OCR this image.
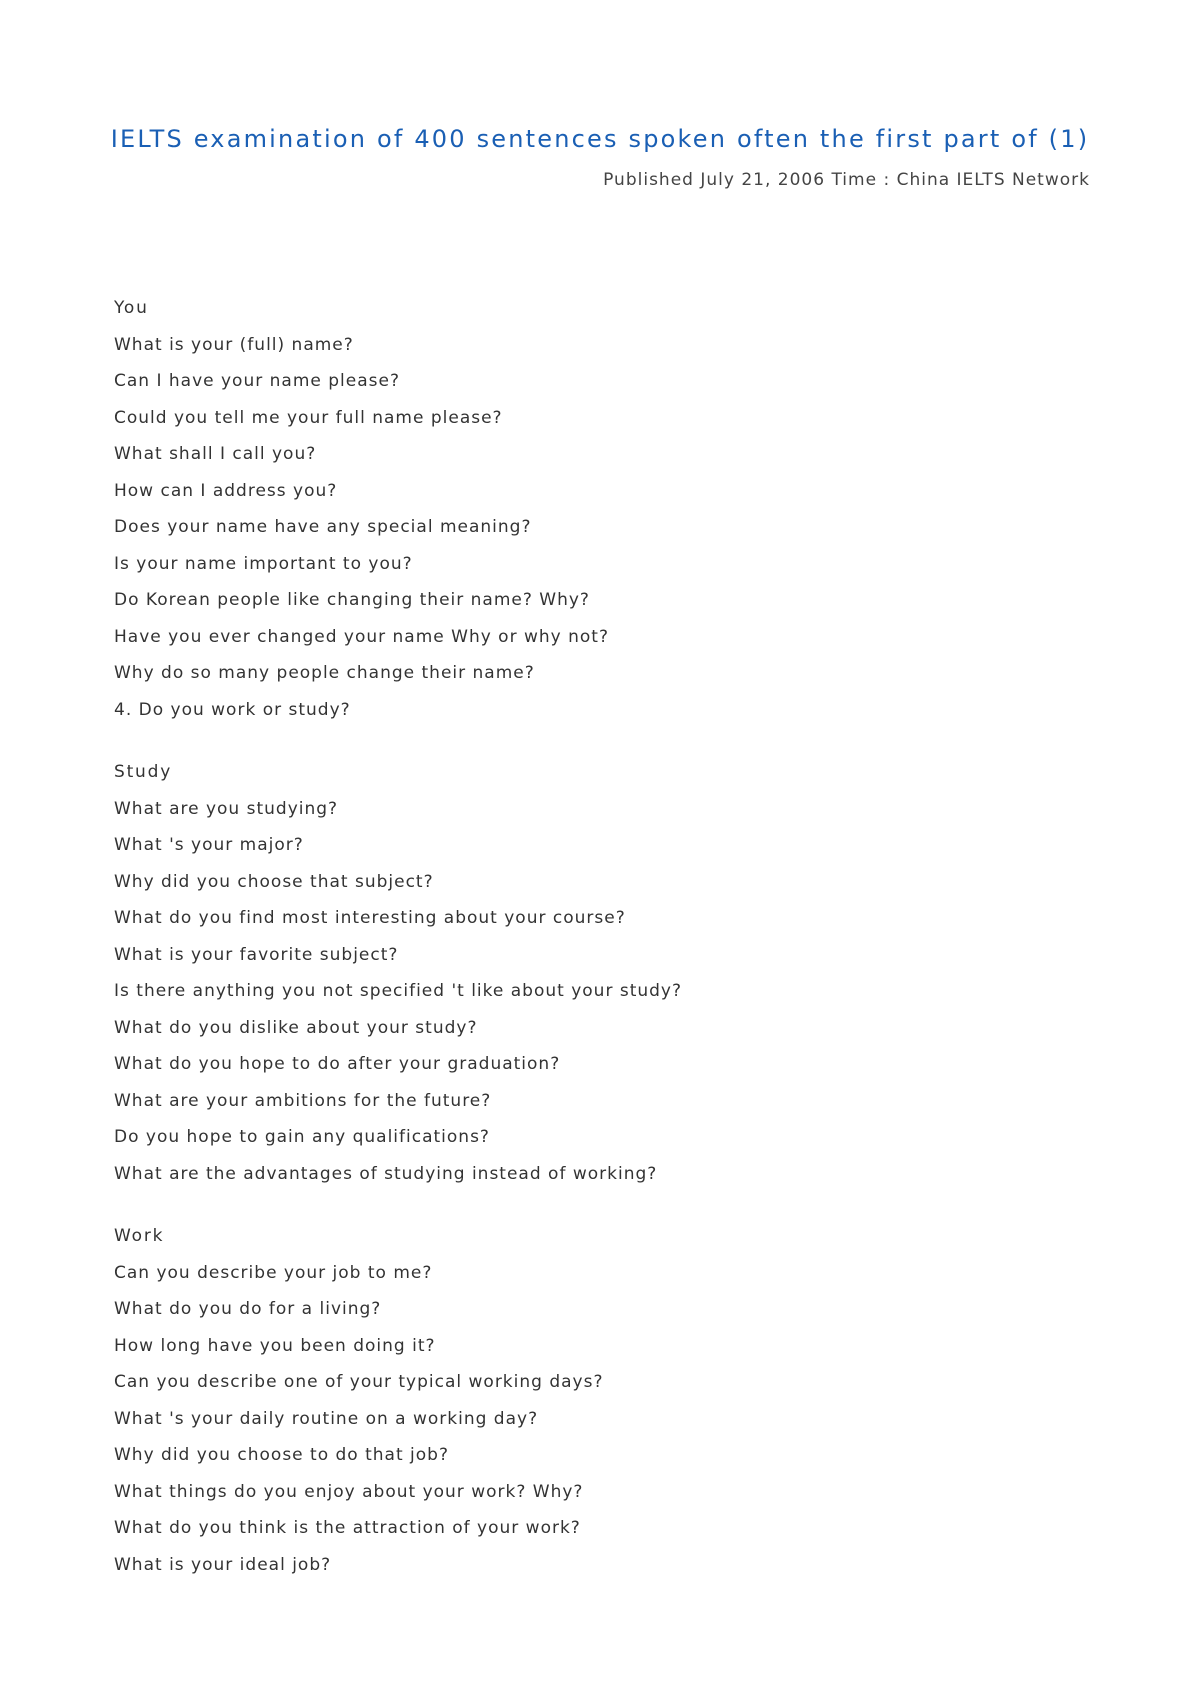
IELTS examination of 400 sentences spoken often the first part of (1)
Published July 21, 2006 Time : China IELTS Network
You
What is your (full) name?
Can I have your name please?
Could you tell me your full name please?
What shall I call you?
How can I address you?
Does your name have any special meaning?
Is your name important to you?
Do Korean people like changing their name? Why?
Have you ever changed your name Why or why not?
Why do so many people change their name?
4. Do you work or study?
Study
What are you studying?
What 's your major?
Why did you choose that subject?
What do you find most interesting about your course?
What is your favorite subject?
Is there anything you not specified 't like about your study?
What do you dislike about your study?
What do you hope to do after your graduation?
What are your ambitions for the future?
Do you hope to gain any qualifications?
What are the advantages of studying instead of working?
Work
Can you describe your job to me?
What do you do for a living?
How long have you been doing it?
Can you describe one of your typical working days?
What 's your daily routine on a working day?
Why did you choose to do that job?
What things do you enjoy about your work? Why?
What do you think is the attraction of your work?
What is your ideal job?
